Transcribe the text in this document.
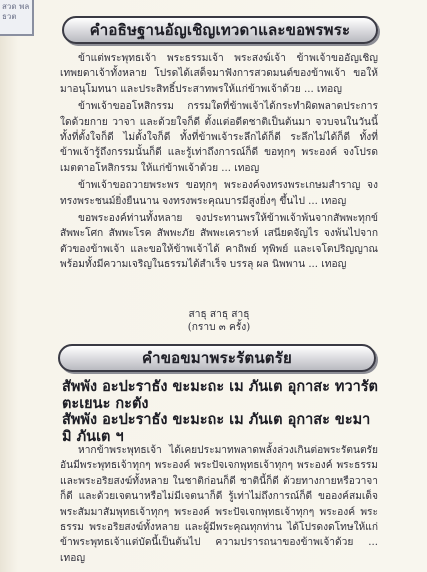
สวด พล ธวต
คำอธิษฐานอัญเชิญเทวดาและขอพรพระ

ข้าแต่พระพุทธเจ้า พระธรรมเจ้า พระสงฆ์เจ้า ข้าพเจ้าขออัญเชิญเทพยดาเจ้าทั้งหลาย โปรดได้เสด็จมาฟังการสวดมนต์ของข้าพเจ้า ขอให้มาอนุโมทนา และประสิทธิ์ประสาทพรให้แก่ข้าพเจ้าด้วย ... เทอญ

ข้าพเจ้าขออโหสิกรรม กรรมใดที่ข้าพเจ้าได้กระทำผิดพลาดประการใดด้วยกาย วาจา และด้วยใจก็ดี ตั้งแต่อดีตชาติเป็นต้นมา จวบจนในวันนี้ ทั้งที่ตั้งใจก็ดี ไม่ตั้งใจก็ดี ทั้งที่ข้าพเจ้าระลึกได้ก็ดี ระลึกไม่ได้ก็ดี ทั้งที่ข้าพเจ้ารู้ถึงกรรมนั้นก็ดี และรู้เท่าถึงการณ์ก็ดี ขอทุกๆ พระองค์ จงโปรดเมตตาอโหสิกรรม ให้แก่ข้าพเจ้าด้วย ... เทอญ

ข้าพเจ้าขอถวายพระพร ขอทุกๆ พระองค์จงทรงพระเกษมสำราญ จงทรงพระชนม์ยิ่งยืนนาน จงทรงพระคุณบารมีสูงยิ่งๆ ขึ้นไป ... เทอญ

ขอพระองค์ท่านทั้งหลาย จงประทานพรให้ข้าพเจ้าพ้นจากสัพพะทุกข์ สัพพะโศก สัพพะโรค สัพพะภัย สัพพะเคราะห์ เสนียดจัญไร จงพ้นไปจากตัวของข้าพเจ้า และขอให้ข้าพเจ้าได้ คาถิพย์ ทุพิพย์ และเจโตปริญญาณ พร้อมทั้งมีความเจริญในธรรมได้สำเร็จ บรรลุ ผล นิพพาน ... เทอญ

สาธุ สาธุ สาธุ
(กราบ ๓ ครั้ง)
คำขอขมาพระรัตนตรัย
สัพพัง อะปะราธัง ขะมะถะ เม ภันเต อุกาสะ ทวารัตตะเยนะ กะตัง
สัพพัง อะปะราธัง ขะมะถะ เม ภันเต อุกาสะ ขะมามิ ภันเต ฯ

หากข้าพระพุทธเจ้า ได้เคยประมาทพลาดพลั้งล่วงเกินต่อพระรัตนตรัย อันมีพระพุทธเจ้าทุกๆ พระองค์ พระปัจเจกพุทธเจ้าทุกๆ พระองค์ พระธรรมและพระอริยสงฆ์ทั้งหลาย ในชาติก่อนก็ดี ชาตินี้ก็ดี ด้วยทางกายหรือวาจาก็ดี และด้วยเจตนาหรือไม่มีเจตนาก็ดี รู้เท่าไม่ถึงการณ์ก็ดี ขอองค์สมเด็จพระสัมมาสัมพุทธเจ้าทุกๆ พระองค์ พระปัจเจกพุทธเจ้าทุกๆ พระองค์ พระธรรม พระอริยสงฆ์ทั้งหลาย และผู้มีพระคุณทุกท่าน ได้โปรดงดโทษให้แก่ข้าพระพุทธเจ้าแต่บัดนี้เป็นต้นไป ความปรารถนาของข้าพเจ้าด้วย ... เทอญ
